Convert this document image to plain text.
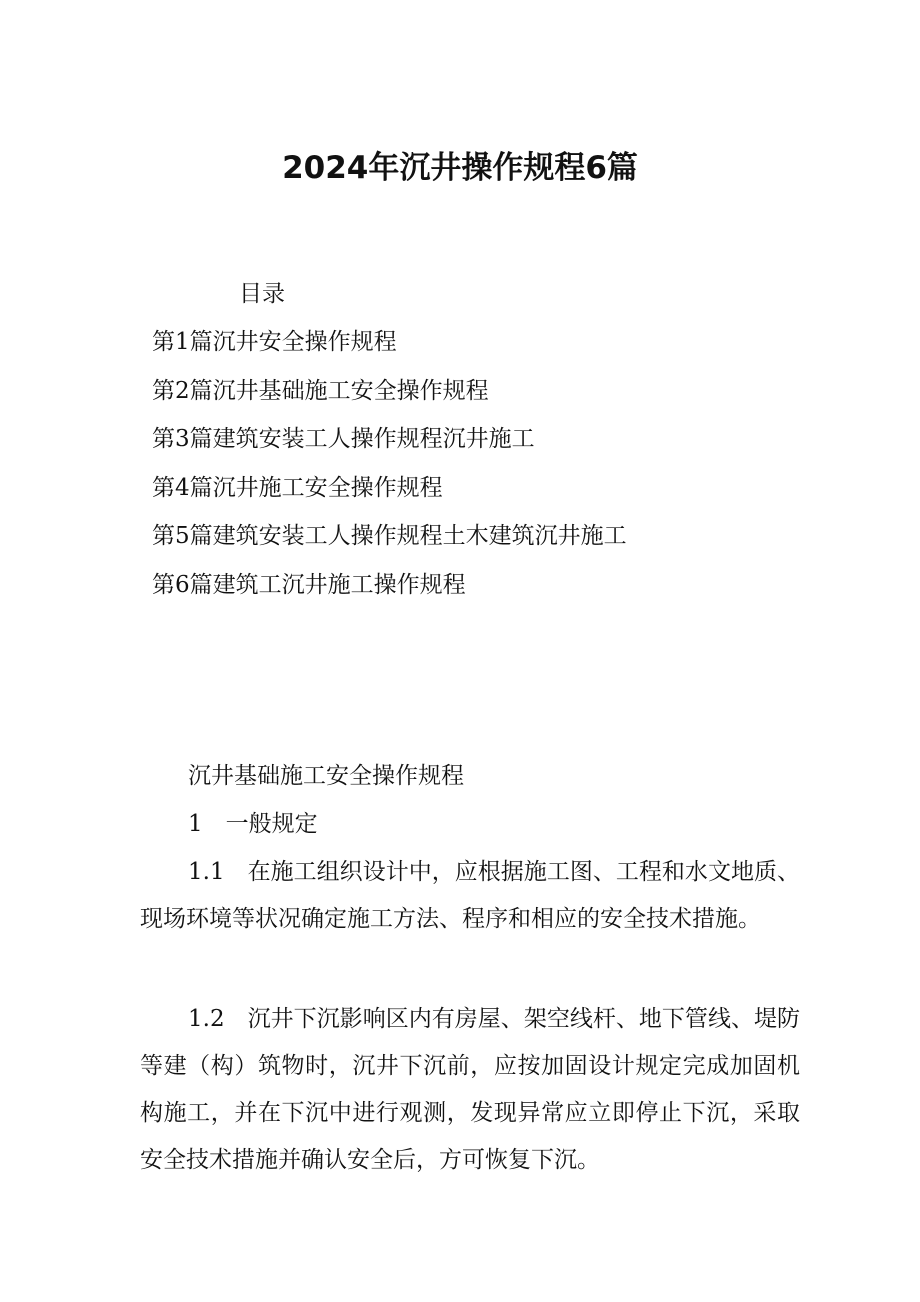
2024年沉井操作规程6篇
目录
第1篇沉井安全操作规程
第2篇沉井基础施工安全操作规程
第3篇建筑安装工人操作规程沉井施工
第4篇沉井施工安全操作规程
第5篇建筑安装工人操作规程土木建筑沉井施工
第6篇建筑工沉井施工操作规程
沉井基础施工安全操作规程
1　一般规定

1.1　在施工组织设计中，应根据施工图、工程和水文地质、现场环境等状况确定施工方法、程序和相应的安全技术措施。

1.2　沉井下沉影响区内有房屋、架空线杆、地下管线、堤防等建（构）筑物时，沉井下沉前，应按加固设计规定完成加固机构施工，并在下沉中进行观测，发现异常应立即停止下沉，采取安全技术措施并确认安全后，方可恢复下沉。
